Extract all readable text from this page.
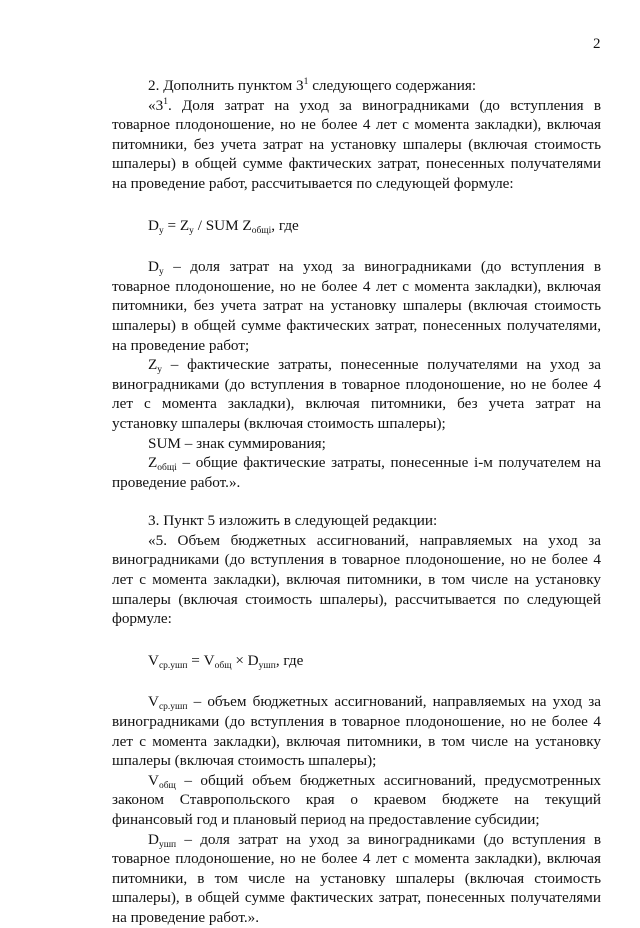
2

2. Дополнить пунктом $3^1$ следующего содержания:

«$3^1$. Доля затрат на уход за виноградниками (до вступления в товарное плодоношение, но не более 4 лет с момента закладки), включая питомники, без учета затрат на установку шпалеры (включая стоимость шпалеры) в общей сумме фактических затрат, понесенных получателями на проведение работ, рассчитывается по следующей формуле:

$D_y = Z_y$ / SUM $Z_{общі}$, где

$D_y$ – доля затрат на уход за виноградниками (до вступления в товарное плодоношение, но не более 4 лет с момента закладки), включая питомники, без учета затрат на установку шпалеры (включая стоимость шпалеры) в общей сумме фактических затрат, понесенных получателями, на проведение работ;

$Z_y$ – фактические затраты, понесенные получателями на уход за виноградниками (до вступления в товарное плодоношение, но не более 4 лет с момента закладки), включая питомники, без учета затрат на установку шпалеры (включая стоимость шпалеры);

SUM – знак суммирования;

$Z_{общі}$ – общие фактические затраты, понесенные і-м получателем на проведение работ.».

3. Пункт 5 изложить в следующей редакции:

«5. Объем бюджетных ассигнований, направляемых на уход за виноградниками (до вступления в товарное плодоношение, но не более 4 лет с момента закладки), включая питомники, в том числе на установку шпалеры (включая стоимость шпалеры), рассчитывается по следующей формуле:

$V_{ср.ушп} = V_{общ} \times D_{ушп}$, где

$V_{ср.ушп}$ – объем бюджетных ассигнований, направляемых на уход за виноградниками (до вступления в товарное плодоношение, но не более 4 лет с момента закладки), включая питомники, в том числе на установку шпалеры (включая стоимость шпалеры);

$V_{общ}$ – общий объем бюджетных ассигнований, предусмотренных законом Ставропольского края о краевом бюджете на текущий финансовый год и плановый период на предоставление субсидии;

$D_{ушп}$ – доля затрат на уход за виноградниками (до вступления в товарное плодоношение, но не более 4 лет с момента закладки), включая питомники, в том числе на установку шпалеры (включая стоимость шпалеры), в общей сумме фактических затрат, понесенных получателями на проведение работ.».
